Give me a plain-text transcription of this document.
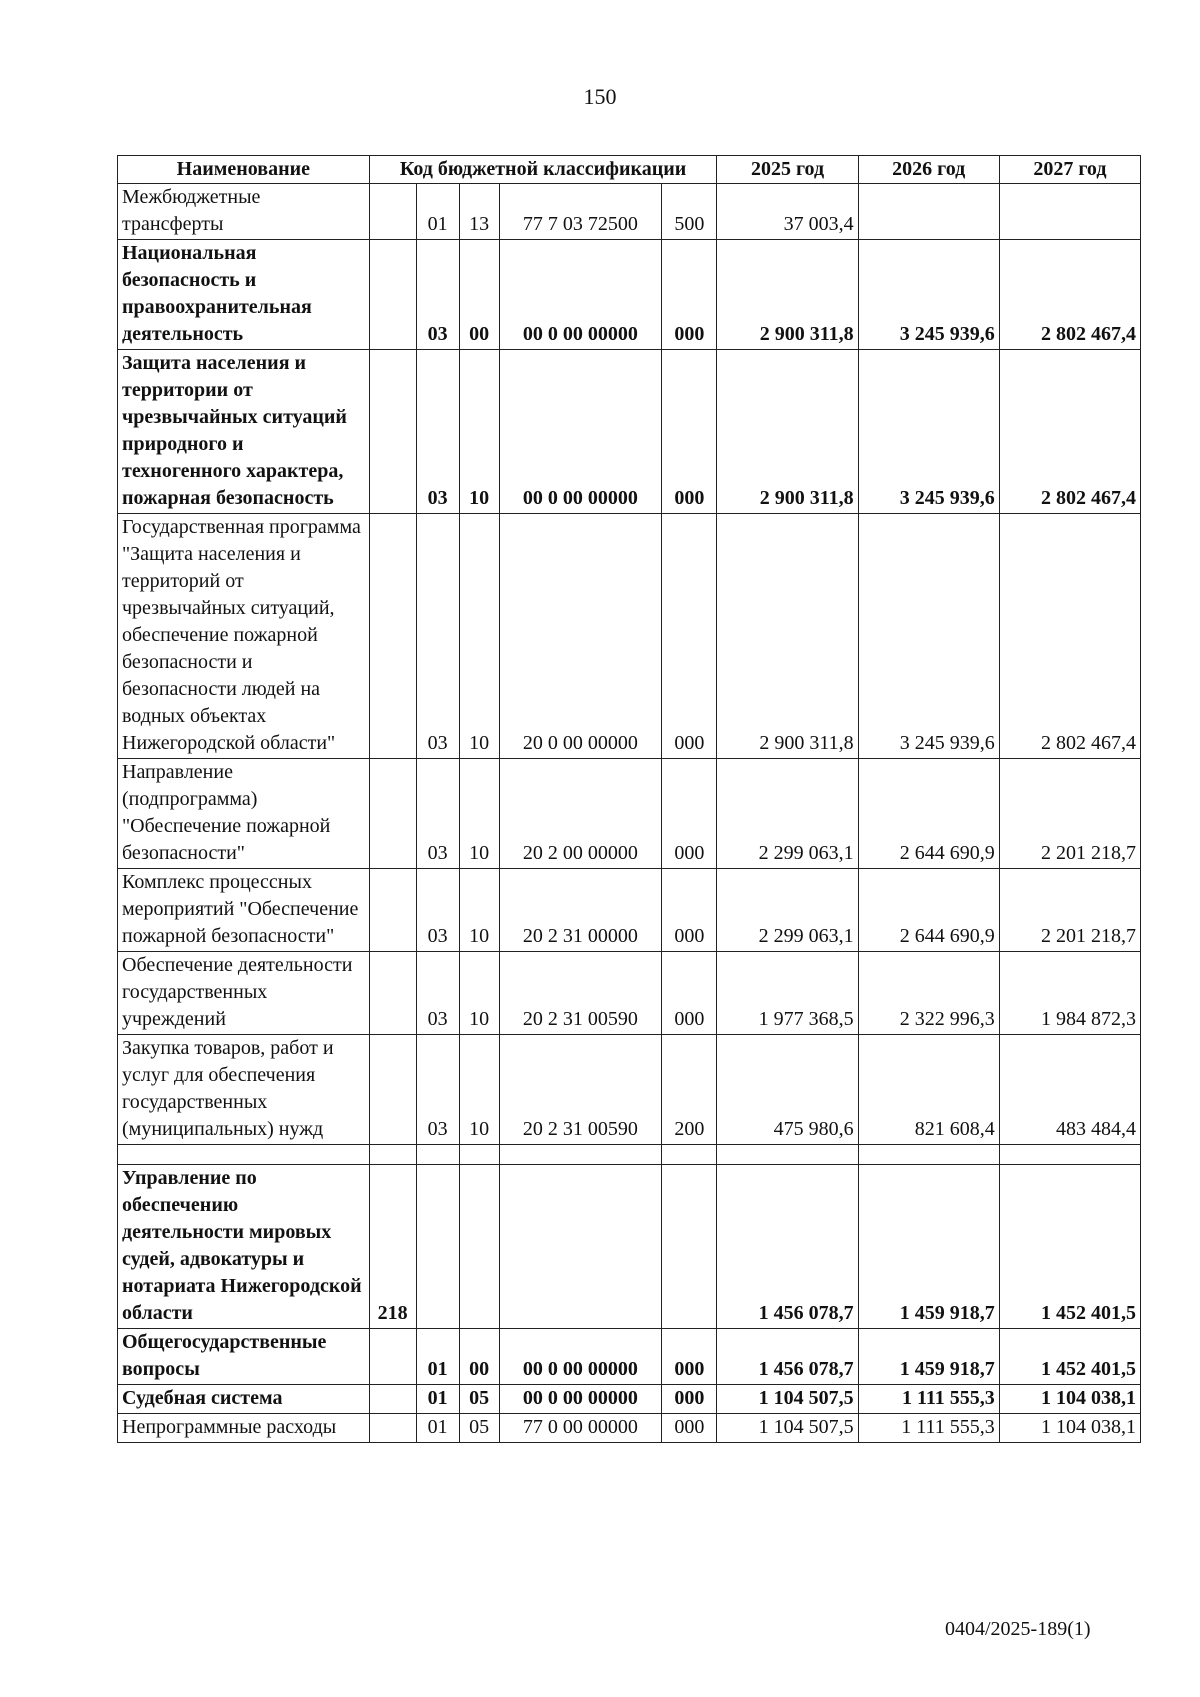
150
Наименование	Код бюджетной классификации					2025 год	2026 год	2027 год
Межбюджетные трансферты		01	13	77 7 03 72500	500	37 003,4		
Национальная безопасность и правоохранительная деятельность		03	00	00 0 00 00000	000	2 900 311,8	3 245 939,6	2 802 467,4
Защита населения и территории от чрезвычайных ситуаций природного и техногенного характера, пожарная безопасность		03	10	00 0 00 00000	000	2 900 311,8	3 245 939,6	2 802 467,4
Государственная программа "Защита населения и территорий от чрезвычайных ситуаций, обеспечение пожарной безопасности и безопасности людей на водных объектах Нижегородской области"		03	10	20 0 00 00000	000	2 900 311,8	3 245 939,6	2 802 467,4
Направление (подпрограмма) "Обеспечение пожарной безопасности"		03	10	20 2 00 00000	000	2 299 063,1	2 644 690,9	2 201 218,7
Комплекс процессных мероприятий "Обеспечение пожарной безопасности"		03	10	20 2 31 00000	000	2 299 063,1	2 644 690,9	2 201 218,7
Обеспечение деятельности государственных учреждений		03	10	20 2 31 00590	000	1 977 368,5	2 322 996,3	1 984 872,3
Закупка товаров, работ и услуг для обеспечения государственных (муниципальных) нужд		03	10	20 2 31 00590	200	475 980,6	821 608,4	483 484,4

Управление по обеспечению деятельности мировых судей, адвокатуры и нотариата Нижегородской области	218					1 456 078,7	1 459 918,7	1 452 401,5
Общегосударственные вопросы		01	00	00 0 00 00000	000	1 456 078,7	1 459 918,7	1 452 401,5
Судебная система		01	05	00 0 00 00000	000	1 104 507,5	1 111 555,3	1 104 038,1
Непрограммные расходы		01	05	77 0 00 00000	000	1 104 507,5	1 111 555,3	1 104 038,1
0404/2025-189(1)
